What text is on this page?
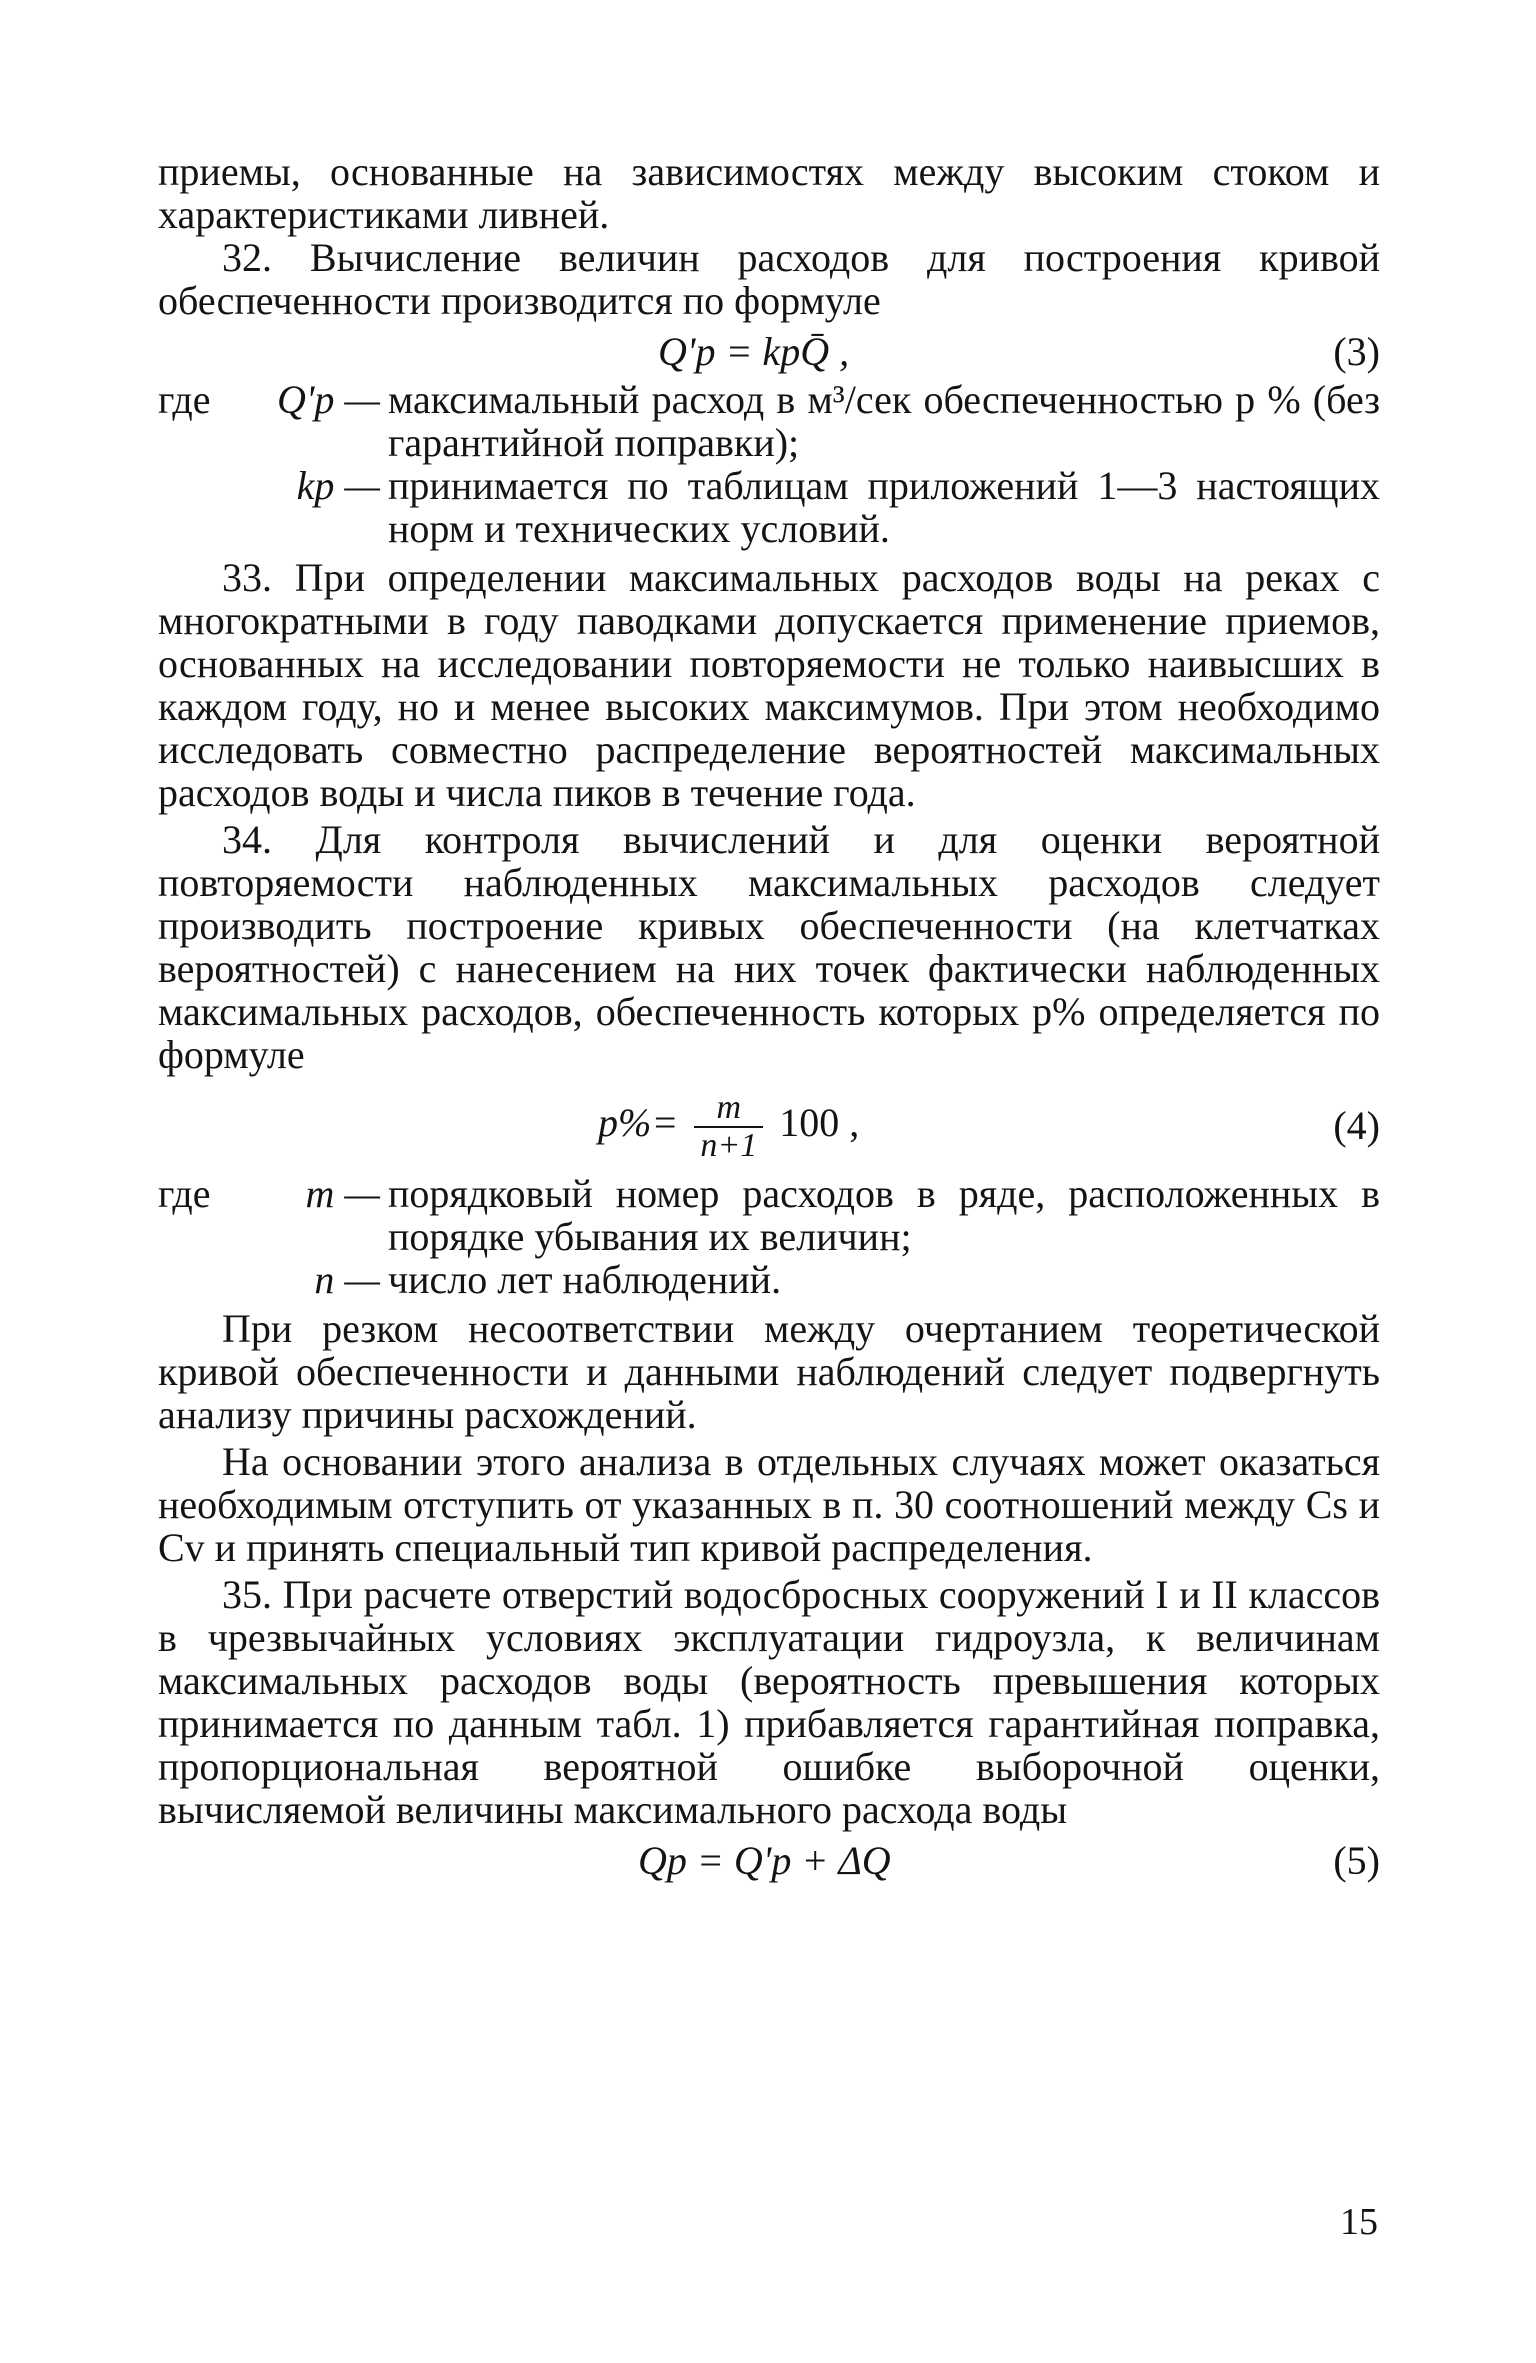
приемы, основанные на зависимостях между высоким стоком и характеристиками ливней.

32. Вычисление величин расходов для построения кривой обеспеченности производится по формуле

Q'p = kpQ̄ ,	(3)
где	Q'p — максимальный расход в м³/сек обеспеченностью p % (без гарантийной поправки);
kp — принимается по таблицам приложений 1—3 настоящих норм и технических условий.

33. При определении максимальных расходов воды на реках с многократными в году паводками допускается применение приемов, основанных на исследовании повторяемости не только наивысших в каждом году, но и менее высоких максимумов. При этом необходимо исследовать совместно распределение вероятностей максимальных расходов воды и числа пиков в течение года.

34. Для контроля вычислений и для оценки вероятной повторяемости наблюденных максимальных расходов следует производить построение кривых обеспеченности (на клетчатках вероятностей) с нанесением на них точек фактически наблюденных максимальных расходов, обеспеченность которых p% определяется по формуле

$p\%= \frac{m}{n+1} 100$ ,	(4)
где	m — порядковый номер расходов в ряде, расположенных в порядке убывания их величин;
n — число лет наблюдений.

При резком несоответствии между очертанием теоретической кривой обеспеченности и данными наблюдений следует подвергнуть анализу причины расхождений.

На основании этого анализа в отдельных случаях может оказаться необходимым отступить от указанных в п. 30 соотношений между Cs и Cv и принять специальный тип кривой распределения.

35. При расчете отверстий водосбросных сооружений I и II классов в чрезвычайных условиях эксплуатации гидроузла, к величинам максимальных расходов воды (вероятность превышения которых принимается по данным табл. 1) прибавляется гарантийная поправка, пропорциональная вероятной ошибке выборочной оценки, вычисляемой величины максимального расхода воды

Qp = Q'p + ΔQ	(5)
15
